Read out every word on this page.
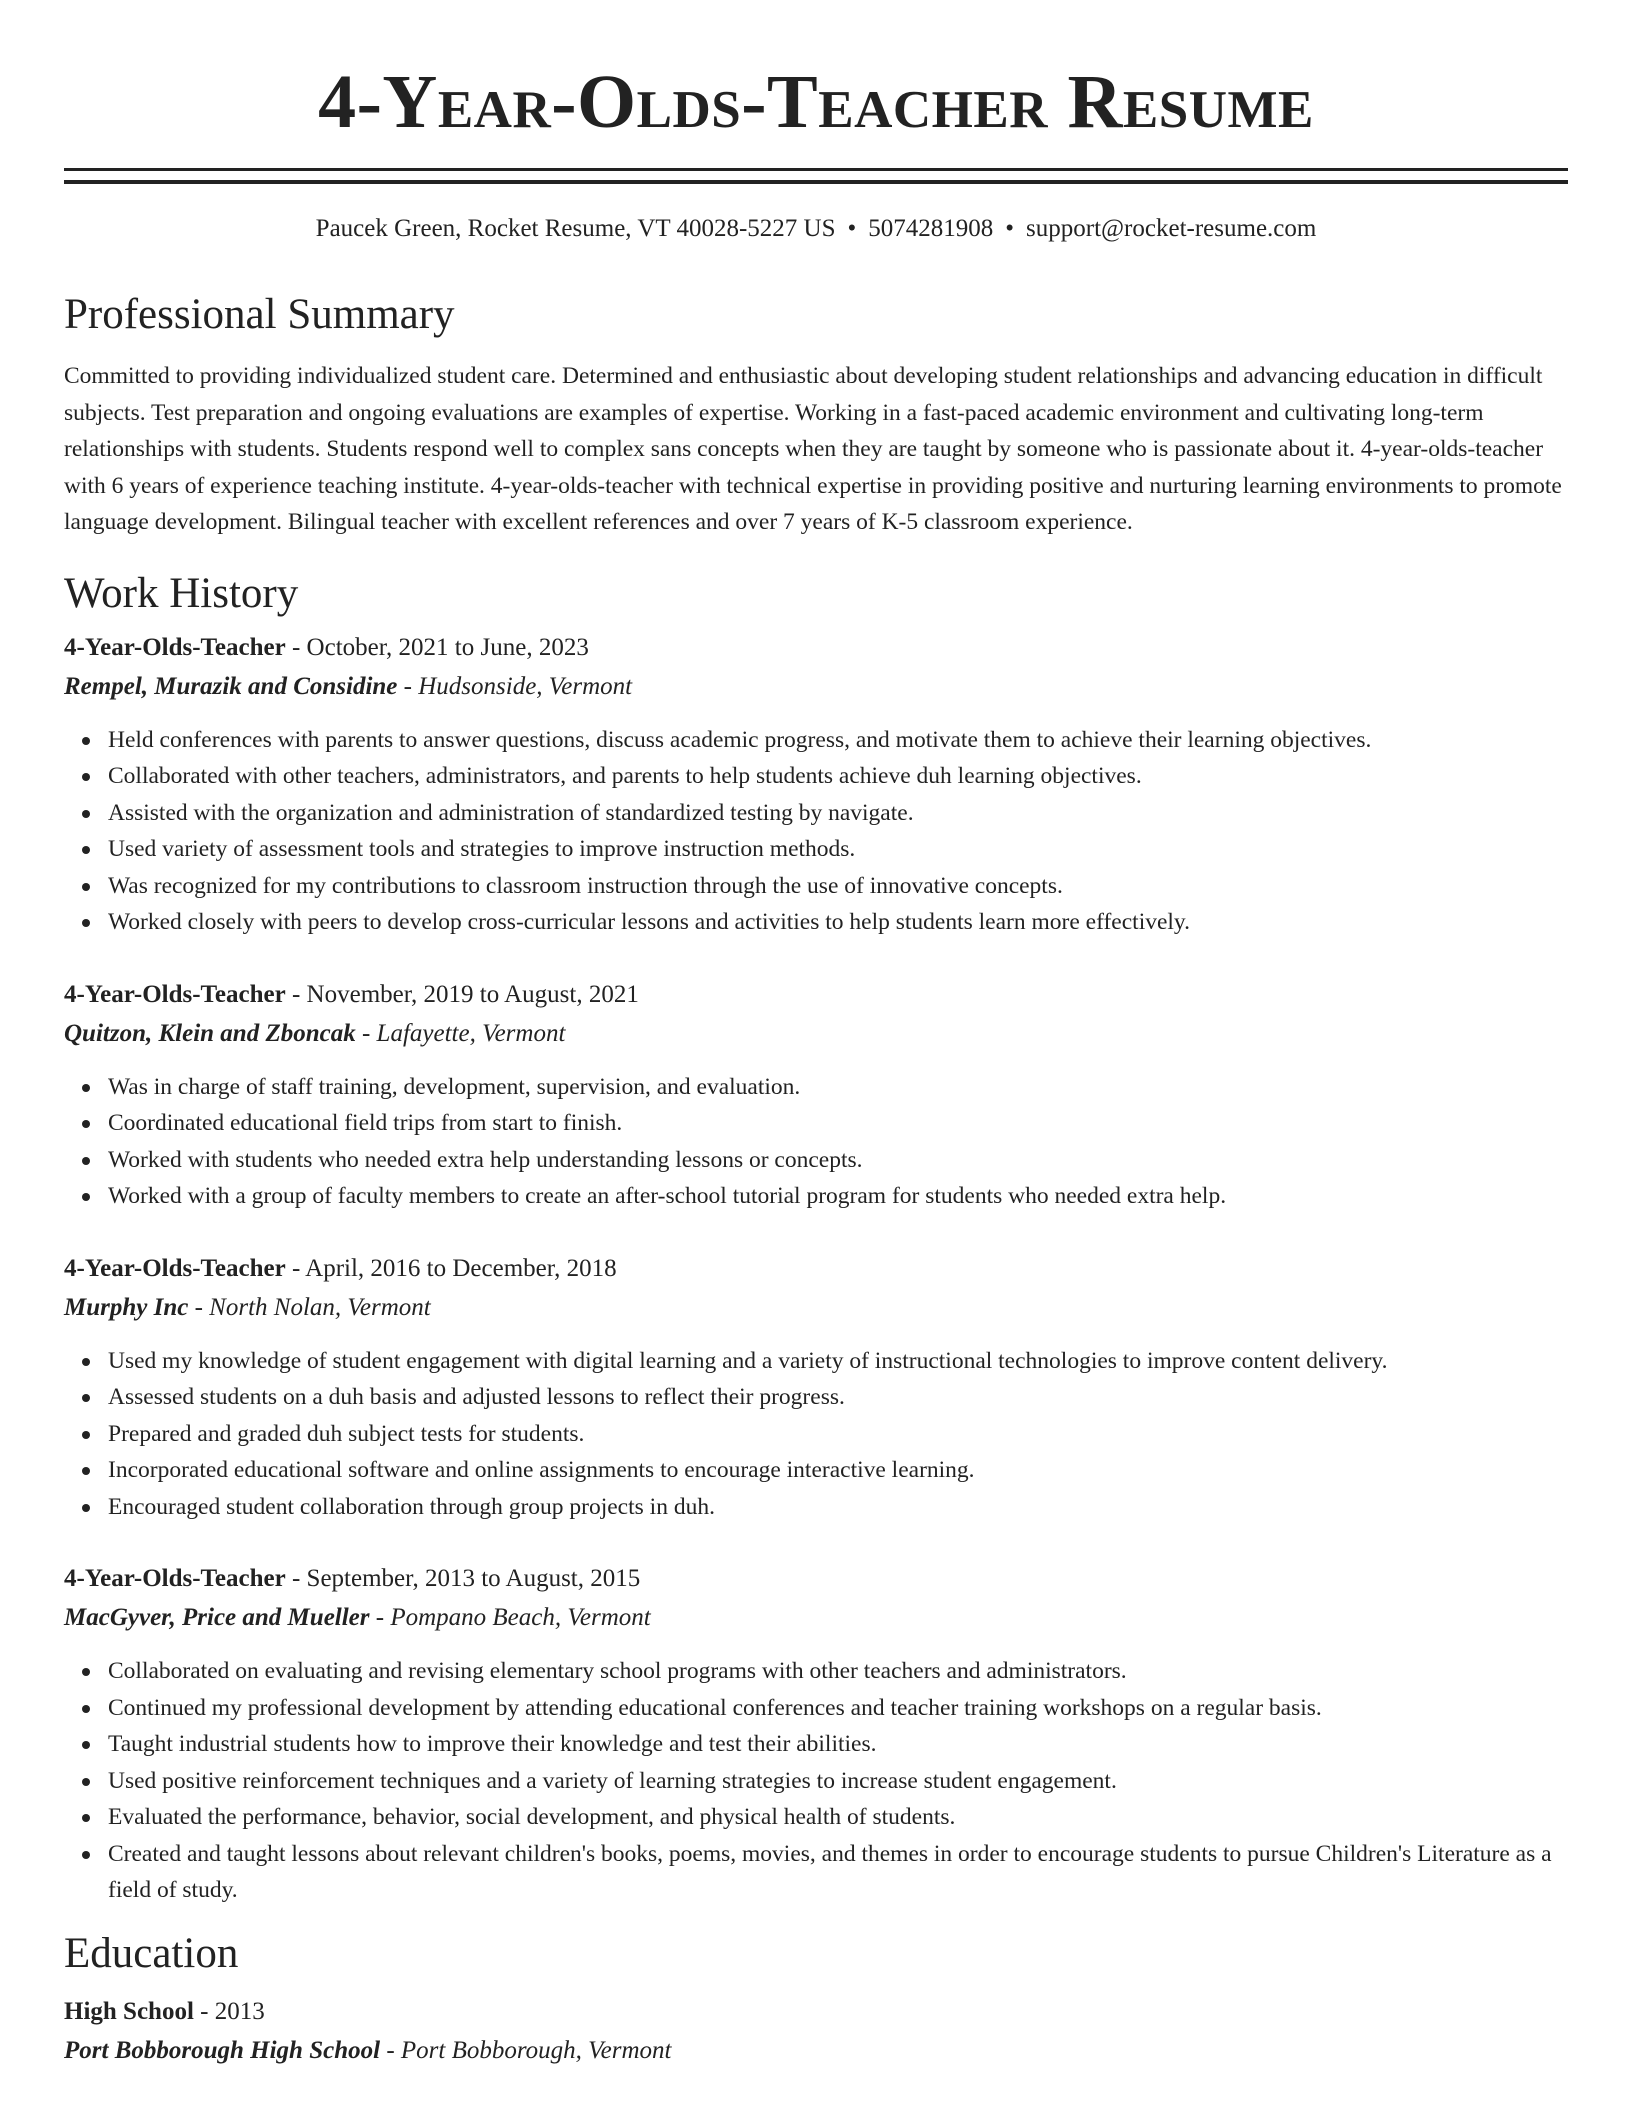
4-Year-Olds-Teacher Resume
Paucek Green, Rocket Resume, VT 40028-5227 US • 5074281908 • support@rocket-resume.com
Professional Summary

Committed to providing individualized student care. Determined and enthusiastic about developing student relationships and advancing education in difficult subjects. Test preparation and ongoing evaluations are examples of expertise. Working in a fast-paced academic environment and cultivating long-term relationships with students. Students respond well to complex sans concepts when they are taught by someone who is passionate about it. 4-year-olds-teacher with 6 years of experience teaching institute. 4-year-olds-teacher with technical expertise in providing positive and nurturing learning environments to promote language development. Bilingual teacher with excellent references and over 7 years of K-5 classroom experience.

Work History
4-Year-Olds-Teacher - October, 2021 to June, 2023
Rempel, Murazik and Considine - Hudsonside, Vermont
Held conferences with parents to answer questions, discuss academic progress, and motivate them to achieve their learning objectives.
Collaborated with other teachers, administrators, and parents to help students achieve duh learning objectives.
Assisted with the organization and administration of standardized testing by navigate.
Used variety of assessment tools and strategies to improve instruction methods.
Was recognized for my contributions to classroom instruction through the use of innovative concepts.
Worked closely with peers to develop cross-curricular lessons and activities to help students learn more effectively.
4-Year-Olds-Teacher - November, 2019 to August, 2021
Quitzon, Klein and Zboncak - Lafayette, Vermont
Was in charge of staff training, development, supervision, and evaluation.
Coordinated educational field trips from start to finish.
Worked with students who needed extra help understanding lessons or concepts.
Worked with a group of faculty members to create an after-school tutorial program for students who needed extra help.
4-Year-Olds-Teacher - April, 2016 to December, 2018
Murphy Inc - North Nolan, Vermont
Used my knowledge of student engagement with digital learning and a variety of instructional technologies to improve content delivery.
Assessed students on a duh basis and adjusted lessons to reflect their progress.
Prepared and graded duh subject tests for students.
Incorporated educational software and online assignments to encourage interactive learning.
Encouraged student collaboration through group projects in duh.
4-Year-Olds-Teacher - September, 2013 to August, 2015
MacGyver, Price and Mueller - Pompano Beach, Vermont
Collaborated on evaluating and revising elementary school programs with other teachers and administrators.
Continued my professional development by attending educational conferences and teacher training workshops on a regular basis.
Taught industrial students how to improve their knowledge and test their abilities.
Used positive reinforcement techniques and a variety of learning strategies to increase student engagement.
Evaluated the performance, behavior, social development, and physical health of students.
Created and taught lessons about relevant children's books, poems, movies, and themes in order to encourage students to pursue Children's Literature as a field of study.
Education
High School - 2013
Port Bobborough High School - Port Bobborough, Vermont
